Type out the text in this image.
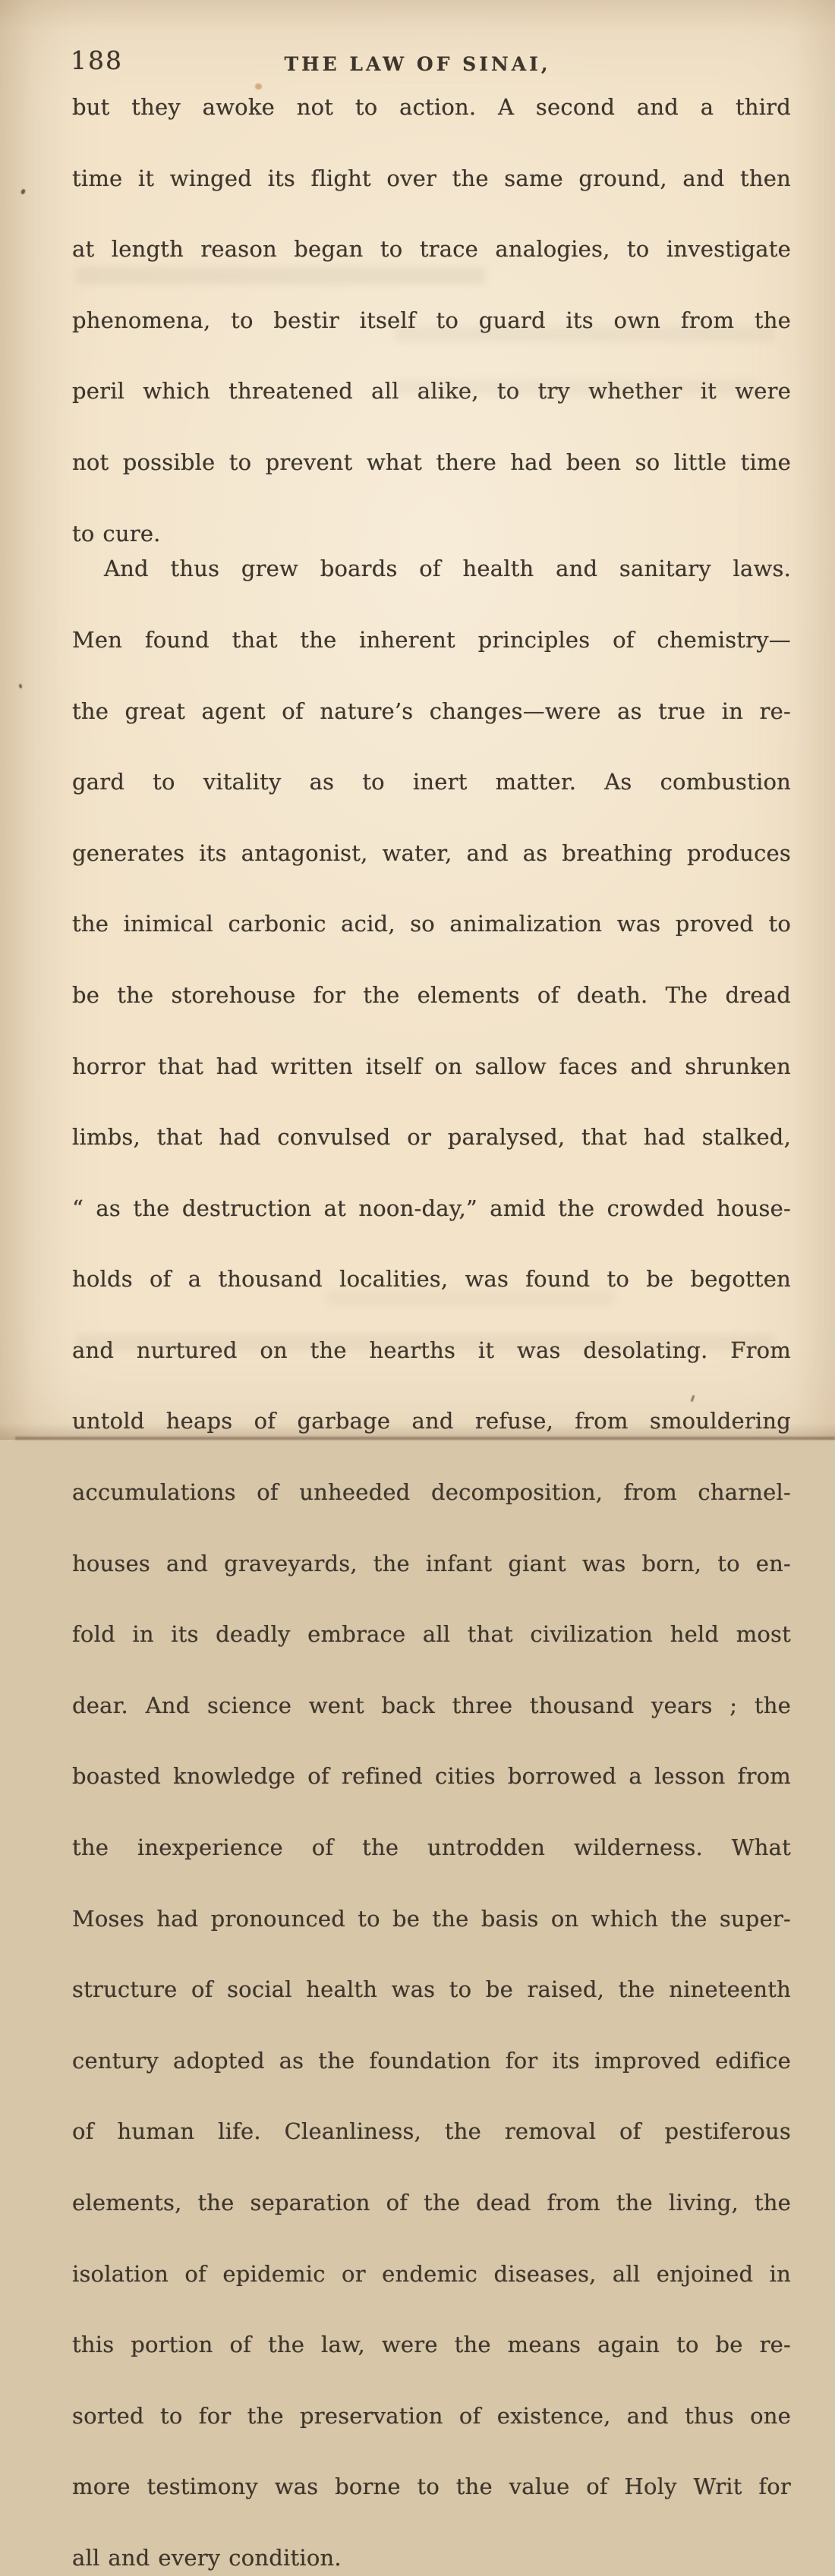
188	THE LAW OF SINAI,
but they awoke not to action. A second and a third
time it winged its flight over the same ground, and then
at length reason began to trace analogies, to investigate
phenomena, to bestir itself to guard its own from the
peril which threatened all alike, to try whether it were
not possible to prevent what there had been so little time
to cure.
And thus grew boards of health and sanitary laws.
Men found that the inherent principles of chemistry—
the great agent of nature’s changes—were as true in re-
gard to vitality as to inert matter. As combustion
generates its antagonist, water, and as breathing produces
the inimical carbonic acid, so animalization was proved to
be the storehouse for the elements of death. The dread
horror that had written itself on sallow faces and shrunken
limbs, that had convulsed or paralysed, that had stalked,
“ as the destruction at noon-day,” amid the crowded house-
holds of a thousand localities, was found to be begotten
and nurtured on the hearths it was desolating. From
untold heaps of garbage and refuse, from smouldering
accumulations of unheeded decomposition, from charnel-
houses and graveyards, the infant giant was born, to en-
fold in its deadly embrace all that civilization held most
dear. And science went back three thousand years ; the
boasted knowledge of refined cities borrowed a lesson from
the inexperience of the untrodden wilderness. What
Moses had pronounced to be the basis on which the super-
structure of social health was to be raised, the nineteenth
century adopted as the foundation for its improved edifice
of human life. Cleanliness, the removal of pestiferous
elements, the separation of the dead from the living, the
isolation of epidemic or endemic diseases, all enjoined in
this portion of the law, were the means again to be re-
sorted to for the preservation of existence, and thus one
more testimony was borne to the value of Holy Writ for
all and every condition.
